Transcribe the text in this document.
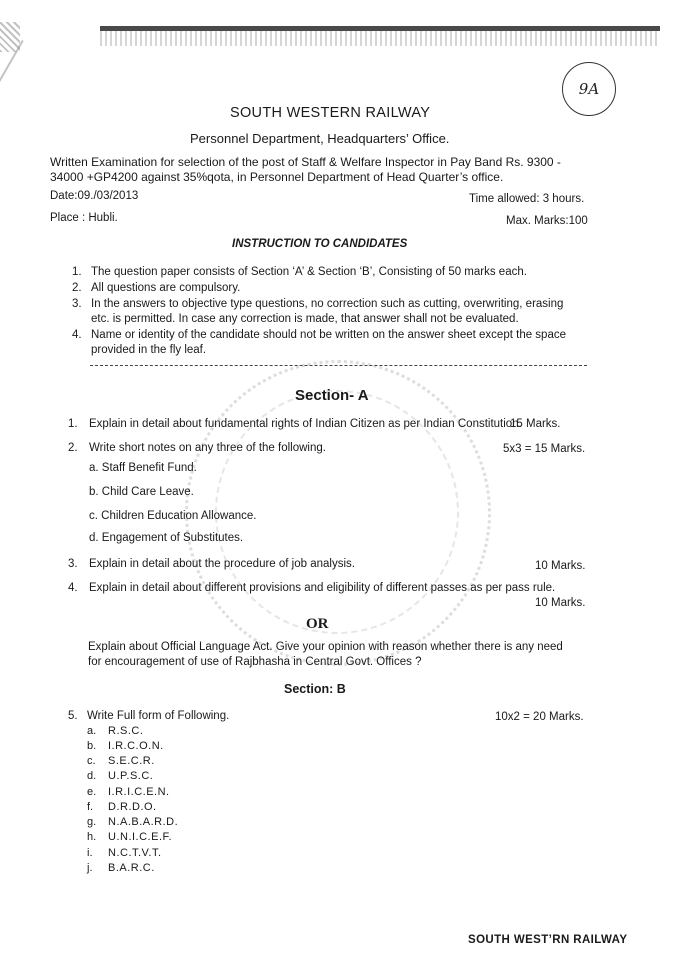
9A
SOUTH WESTERN RAILWAY
Personnel Department, Headquarters’ Office.
Written Examination for selection of the post of Staff & Welfare Inspector in Pay Band Rs. 9300 -
34000 +GP4200 against 35%qota, in Personnel Department of Head Quarter’s office.
Date:09./03/2013	Time allowed: 3 hours.
Place : Hubli.	Max. Marks:100
INSTRUCTION TO CANDIDATES
1. The question paper consists of Section ‘A’ & Section ‘B’, Consisting of 50 marks each.
2. All questions are compulsory.
3. In the answers to objective type questions, no correction such as cutting, overwriting, erasing
etc. is permitted. In case any correction is made, that answer shall not be evaluated.
4. Name or identity of the candidate should not be written on the answer sheet except the space
provided in the fly leaf.
Section- A
1. Explain in detail about fundamental rights of Indian Citizen as per Indian Constitution.
15 Marks.
2. Write short notes on any three of the following.	5x3 = 15 Marks.
a. Staff Benefit Fund.
b. Child Care Leave.
c. Children Education Allowance.
d. Engagement of Substitutes.
3. Explain in detail about the procedure of job analysis.	10 Marks.
4. Explain in detail about different provisions and eligibility of different passes as per pass rule.
10 Marks.
OR
Explain about Official Language Act. Give your opinion with reason whether there is any need
for encouragement of use of Rajbhasha in Central Govt. Offices ?
Section: B
5. Write Full form of Following.	10x2 = 20 Marks.
a. R.S.C.
b. I.R.C.O.N.
c. S.E.C.R.
d. U.P.S.C.
e. I.R.I.C.E.N.
f. D.R.D.O.
g. N.A.B.A.R.D.
h. U.N.I.C.E.F.
i. N.C.T.V.T.
j. B.A.R.C.
SOUTH WEST’RN RAILWAY
